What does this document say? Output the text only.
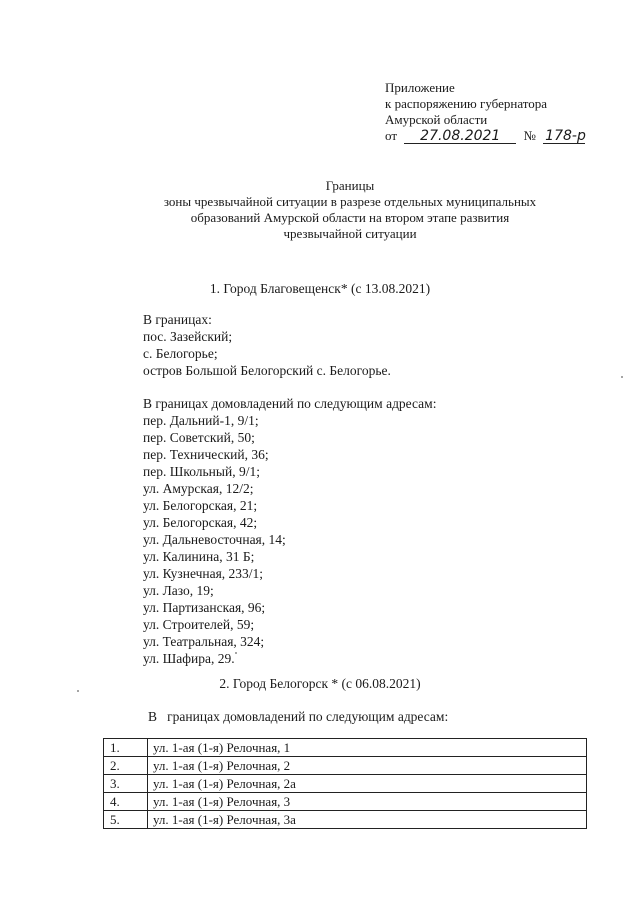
Приложение
к распоряжению губернатора
Амурской области
от 27.08.2021 № 178-р
Границы
зоны чрезвычайной ситуации в разрезе отдельных муниципальных
образований Амурской области на втором этапе развития
чрезвычайной ситуации
1. Город Благовещенск* (с 13.08.2021)
В границах:
пос. Зазейский;
с. Белогорье;
остров Большой Белогорский с. Белогорье.
В границах домовладений по следующим адресам:
пер. Дальний-1, 9/1;
пер. Советский, 50;
пер. Технический, 36;
пер. Школьный, 9/1;
ул. Амурская, 12/2;
ул. Белогорская, 21;
ул. Белогорская, 42;
ул. Дальневосточная, 14;
ул. Калинина, 31 Б;
ул. Кузнечная, 233/1;
ул. Лазо, 19;
ул. Партизанская, 96;
ул. Строителей, 59;
ул. Театральная, 324;
ул. Шафира, 29.
2. Город Белогорск * (с 06.08.2021)
В   границах домовладений по следующим адресам:
1.	ул. 1-ая (1-я) Релочная, 1
2.	ул. 1-ая (1-я) Релочная, 2
3.	ул. 1-ая (1-я) Релочная, 2а
4.	ул. 1-ая (1-я) Релочная, 3
5.	ул. 1-ая (1-я) Релочная, 3а
